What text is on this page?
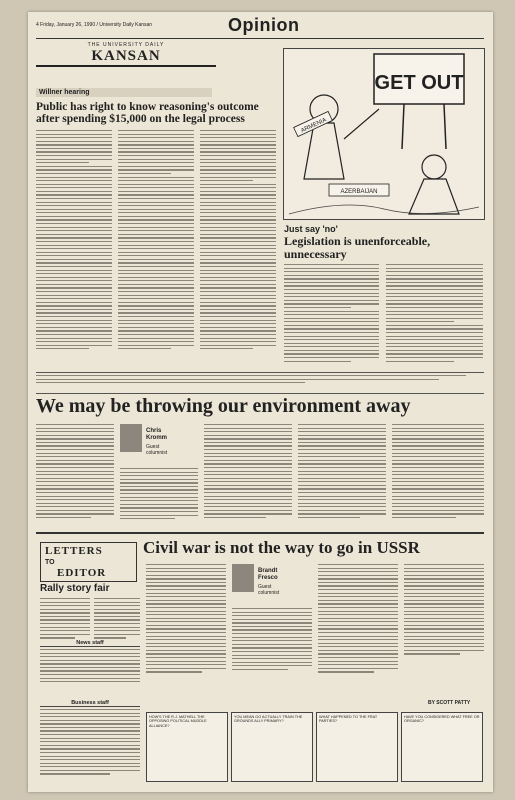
4 Friday, January 26, 1990 / University Daily Kansan	Opinion
THE UNIVERSITY DAILY
KANSAN
Willner hearing
Public has right to know reasoning's outcome after spending $15,000 on the legal process
GET OUT
ARMENIA
AZERBAIJAN
Just say 'no'
Legislation is unenforceable, unnecessary
We may be throwing our environment away
Chris Kromm
Guest columnist
LETTERS
TO
EDITOR
Rally story fair
News staff
Business staff
Civil war is not the way to go in USSR
Brandt Fresco
Guest columnist
BY SCOTT PATTY
HOW'S THE R.J. MATHELL THE OPPOSING POLITICAL MUDDLE ALLIANCE?
YOU MEAN GO ACTUALLY TRAIN THE GROUNDS ALLY PRIMARY?
WHAT HAPPENED TO THE FRAT PARTIES?
HAVE YOU CONSIDERED WHAT FREE OR ORGANIC?
